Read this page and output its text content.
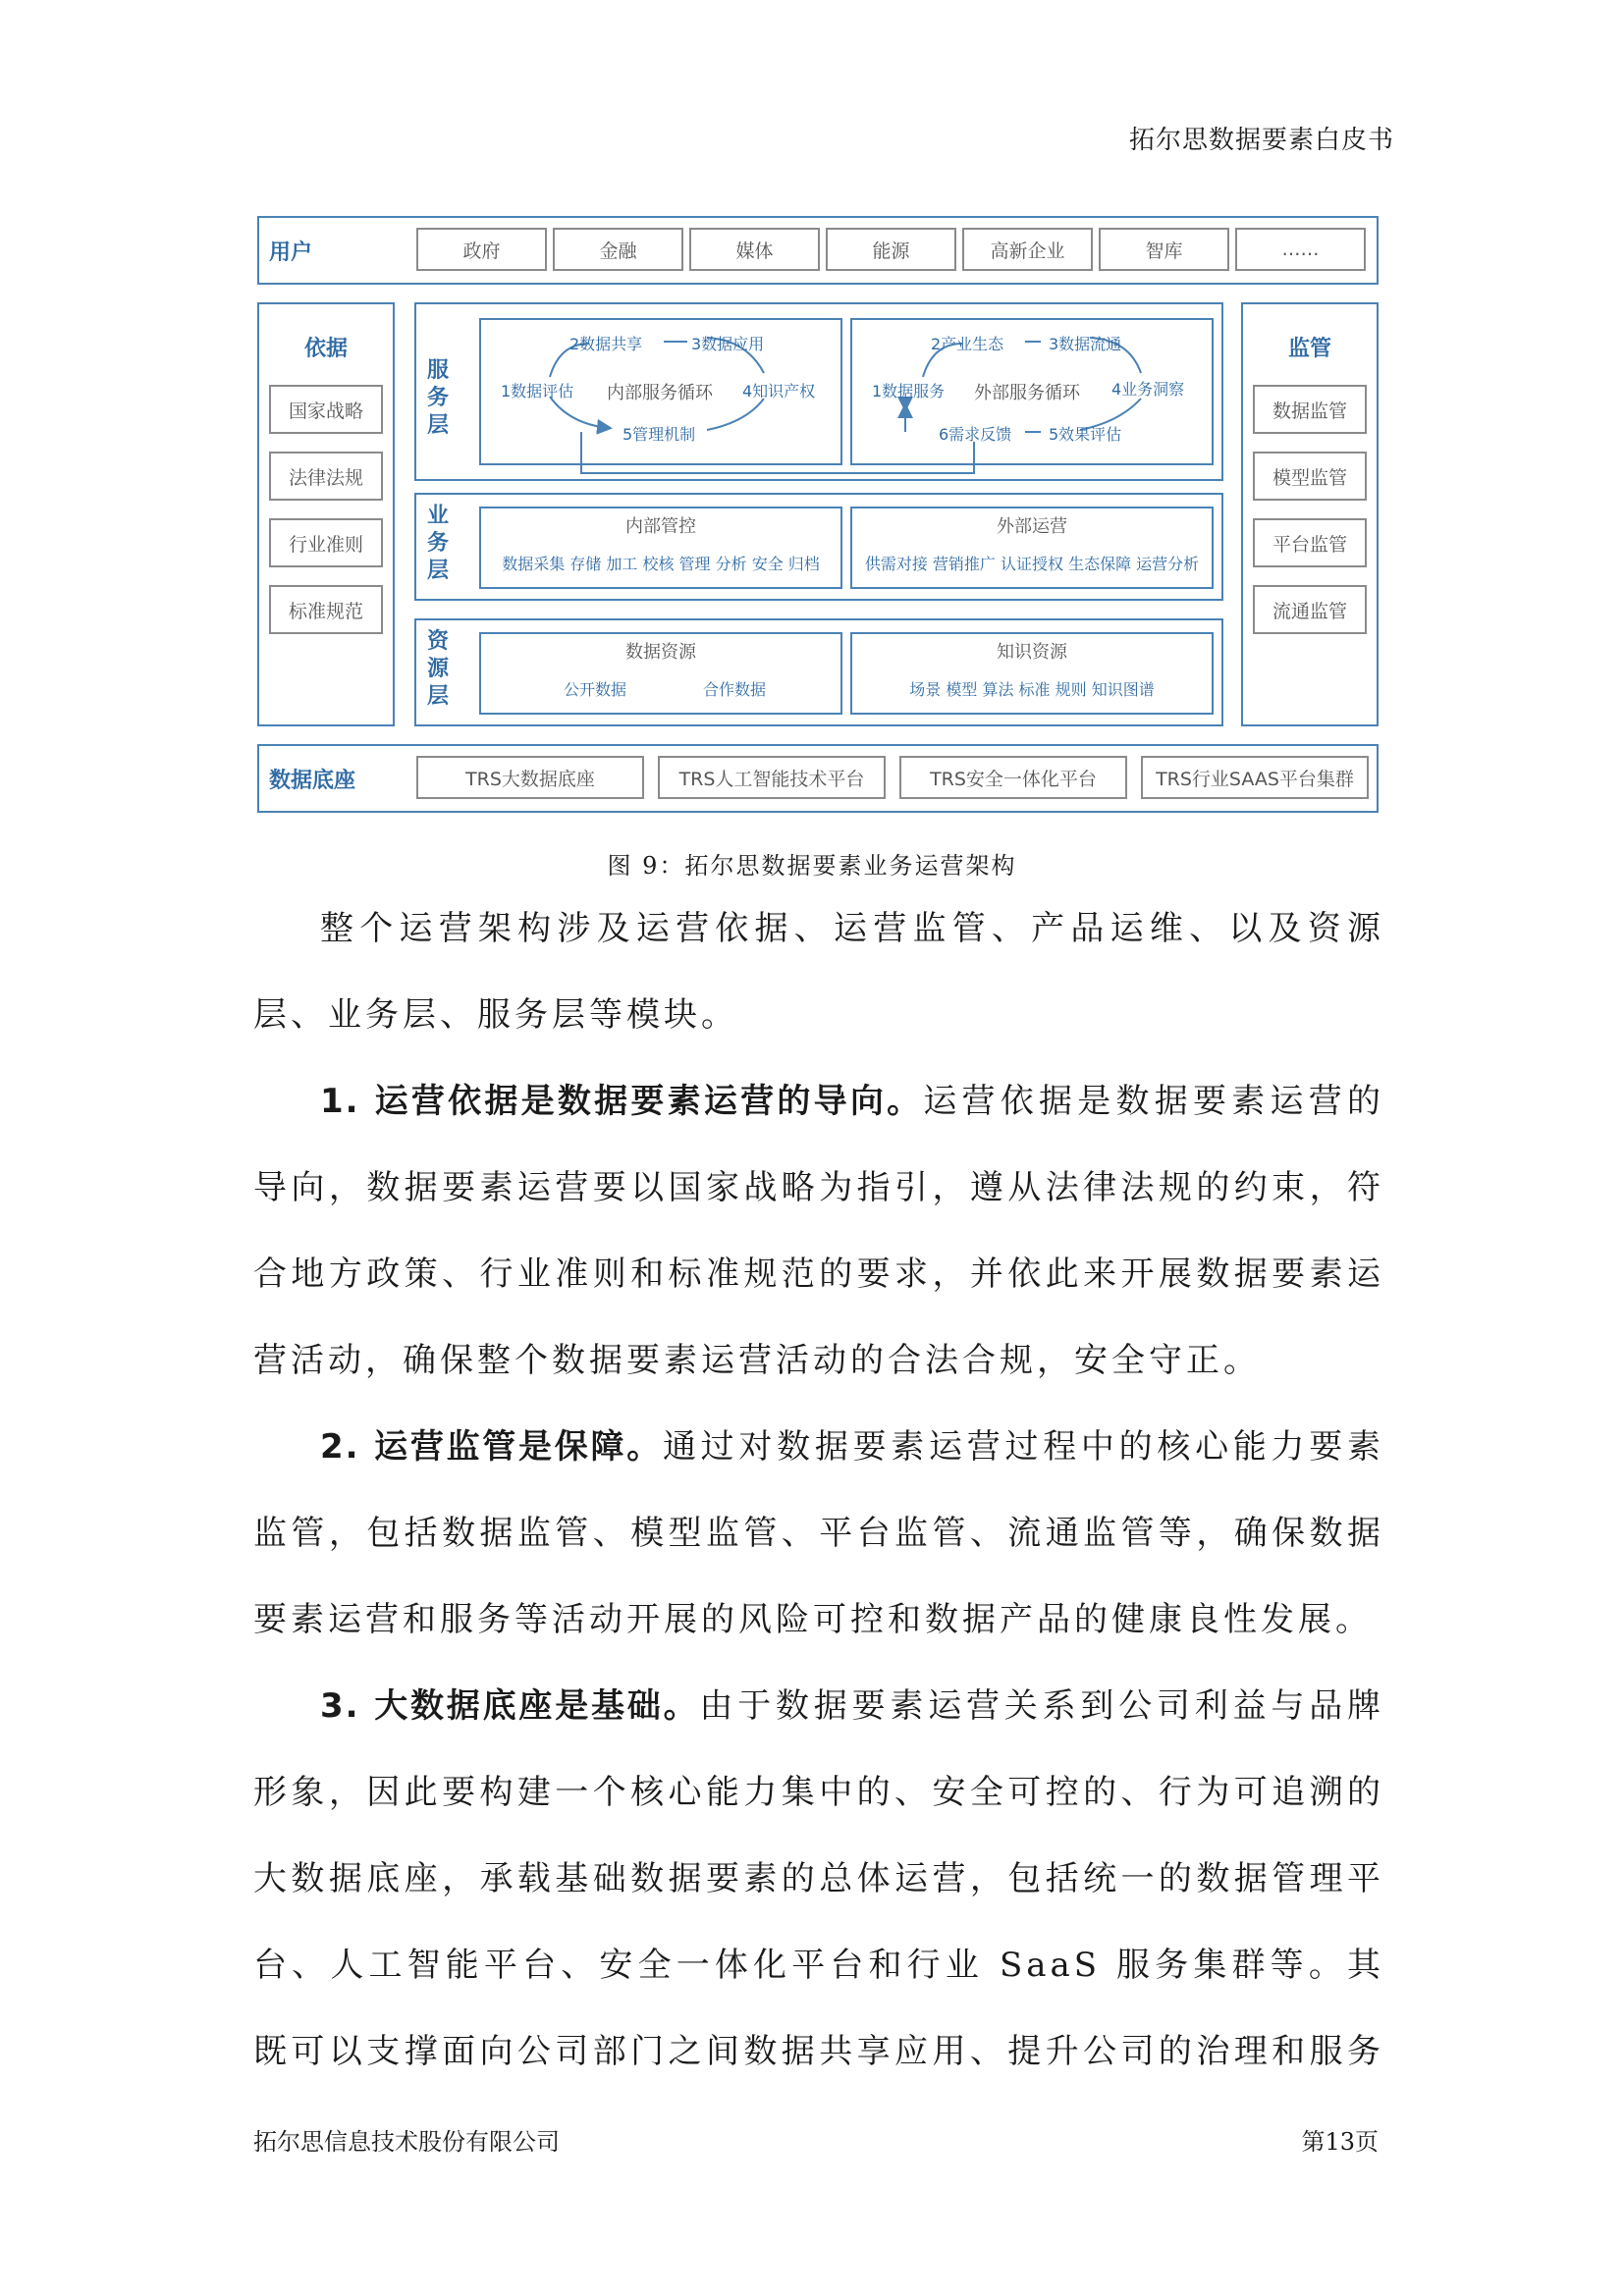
拓尔思数据要素白皮书
用户	政府	金融	媒体	能源	高新企业	智库	……
依据
国家战略
法律法规
行业准则
标准规范
监管
数据监管
模型监管
平台监管
流通监管
服务层
2数据共享	3数据应用
1数据评估 内部服务循环 4知识产权
5管理机制
2产业生态	3数据流通
1数据服务 外部服务循环 4业务洞察
6需求反馈 5效果评估
业务层
内部管控
数据采集 存储 加工 校核 管理 分析 安全 归档
外部运营
供需对接 营销推广 认证授权 生态保障 运营分析
资源层
数据资源
公开数据	合作数据
知识资源
场景 模型 算法 标准 规则 知识图谱
数据底座	TRS大数据底座	TRS人工智能技术平台	TRS安全一体化平台	TRS行业SAAS平台集群
图 9：拓尔思数据要素业务运营架构
整个运营架构涉及运营依据、运营监管、产品运维、以及资源层、业务层、服务层等模块。
1. 运营依据是数据要素运营的导向。运营依据是数据要素运营的导向，数据要素运营要以国家战略为指引，遵从法律法规的约束，符合地方政策、行业准则和标准规范的要求，并依此来开展数据要素运营活动，确保整个数据要素运营活动的合法合规，安全守正。
2. 运营监管是保障。通过对数据要素运营过程中的核心能力要素监管，包括数据监管、模型监管、平台监管、流通监管等，确保数据要素运营和服务等活动开展的风险可控和数据产品的健康良性发展。
3. 大数据底座是基础。由于数据要素运营关系到公司利益与品牌形象，因此要构建一个核心能力集中的、安全可控的、行为可追溯的大数据底座，承载基础数据要素的总体运营，包括统一的数据管理平台、人工智能平台、安全一体化平台和行业 SaaS 服务集群等。其既可以支撑面向公司部门之间数据共享应用、提升公司的治理和服务
拓尔思信息技术股份有限公司	第13页
